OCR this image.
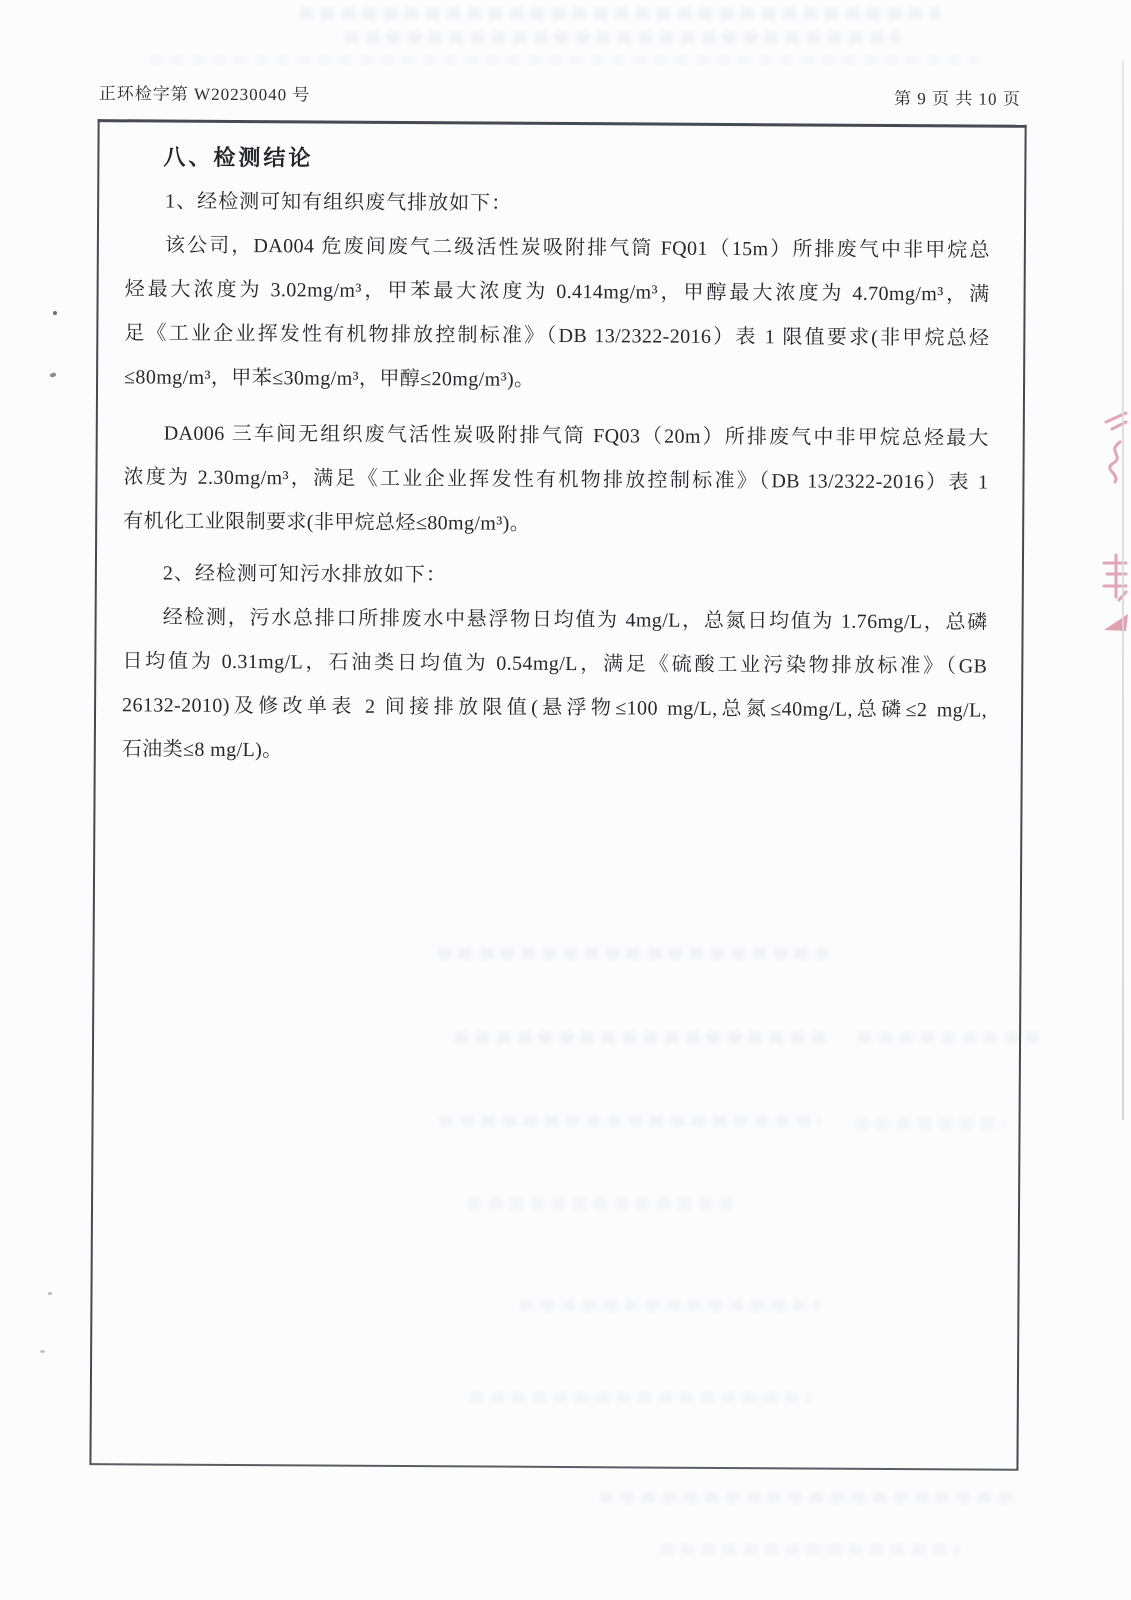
正环检字第 W20230040 号	第 9 页 共 10 页
八、检测结论
1、经检测可知有组织废气排放如下：
该公司，DA004 危废间废气二级活性炭吸附排气筒 FQ01（15m）所排废气中非甲烷总
烃最大浓度为 3.02mg/m³，甲苯最大浓度为 0.414mg/m³，甲醇最大浓度为 4.70mg/m³，满
足《工业企业挥发性有机物排放控制标准》（DB 13/2322-2016）表 1 限值要求(非甲烷总烃
≤80mg/m³，甲苯≤30mg/m³，甲醇≤20mg/m³)。
DA006 三车间无组织废气活性炭吸附排气筒 FQ03（20m）所排废气中非甲烷总烃最大
浓度为 2.30mg/m³，满足《工业企业挥发性有机物排放控制标准》（DB 13/2322-2016）表 1
有机化工业限制要求(非甲烷总烃≤80mg/m³)。
2、经检测可知污水排放如下：
经检测，污水总排口所排废水中悬浮物日均值为 4mg/L，总氮日均值为 1.76mg/L，总磷
日均值为 0.31mg/L，石油类日均值为 0.54mg/L，满足《硫酸工业污染物排放标准》（GB
26132-2010)及修改单表 2 间接排放限值(悬浮物≤100 mg/L,总氮≤40mg/L,总磷≤2 mg/L,
石油类≤8 mg/L)。
